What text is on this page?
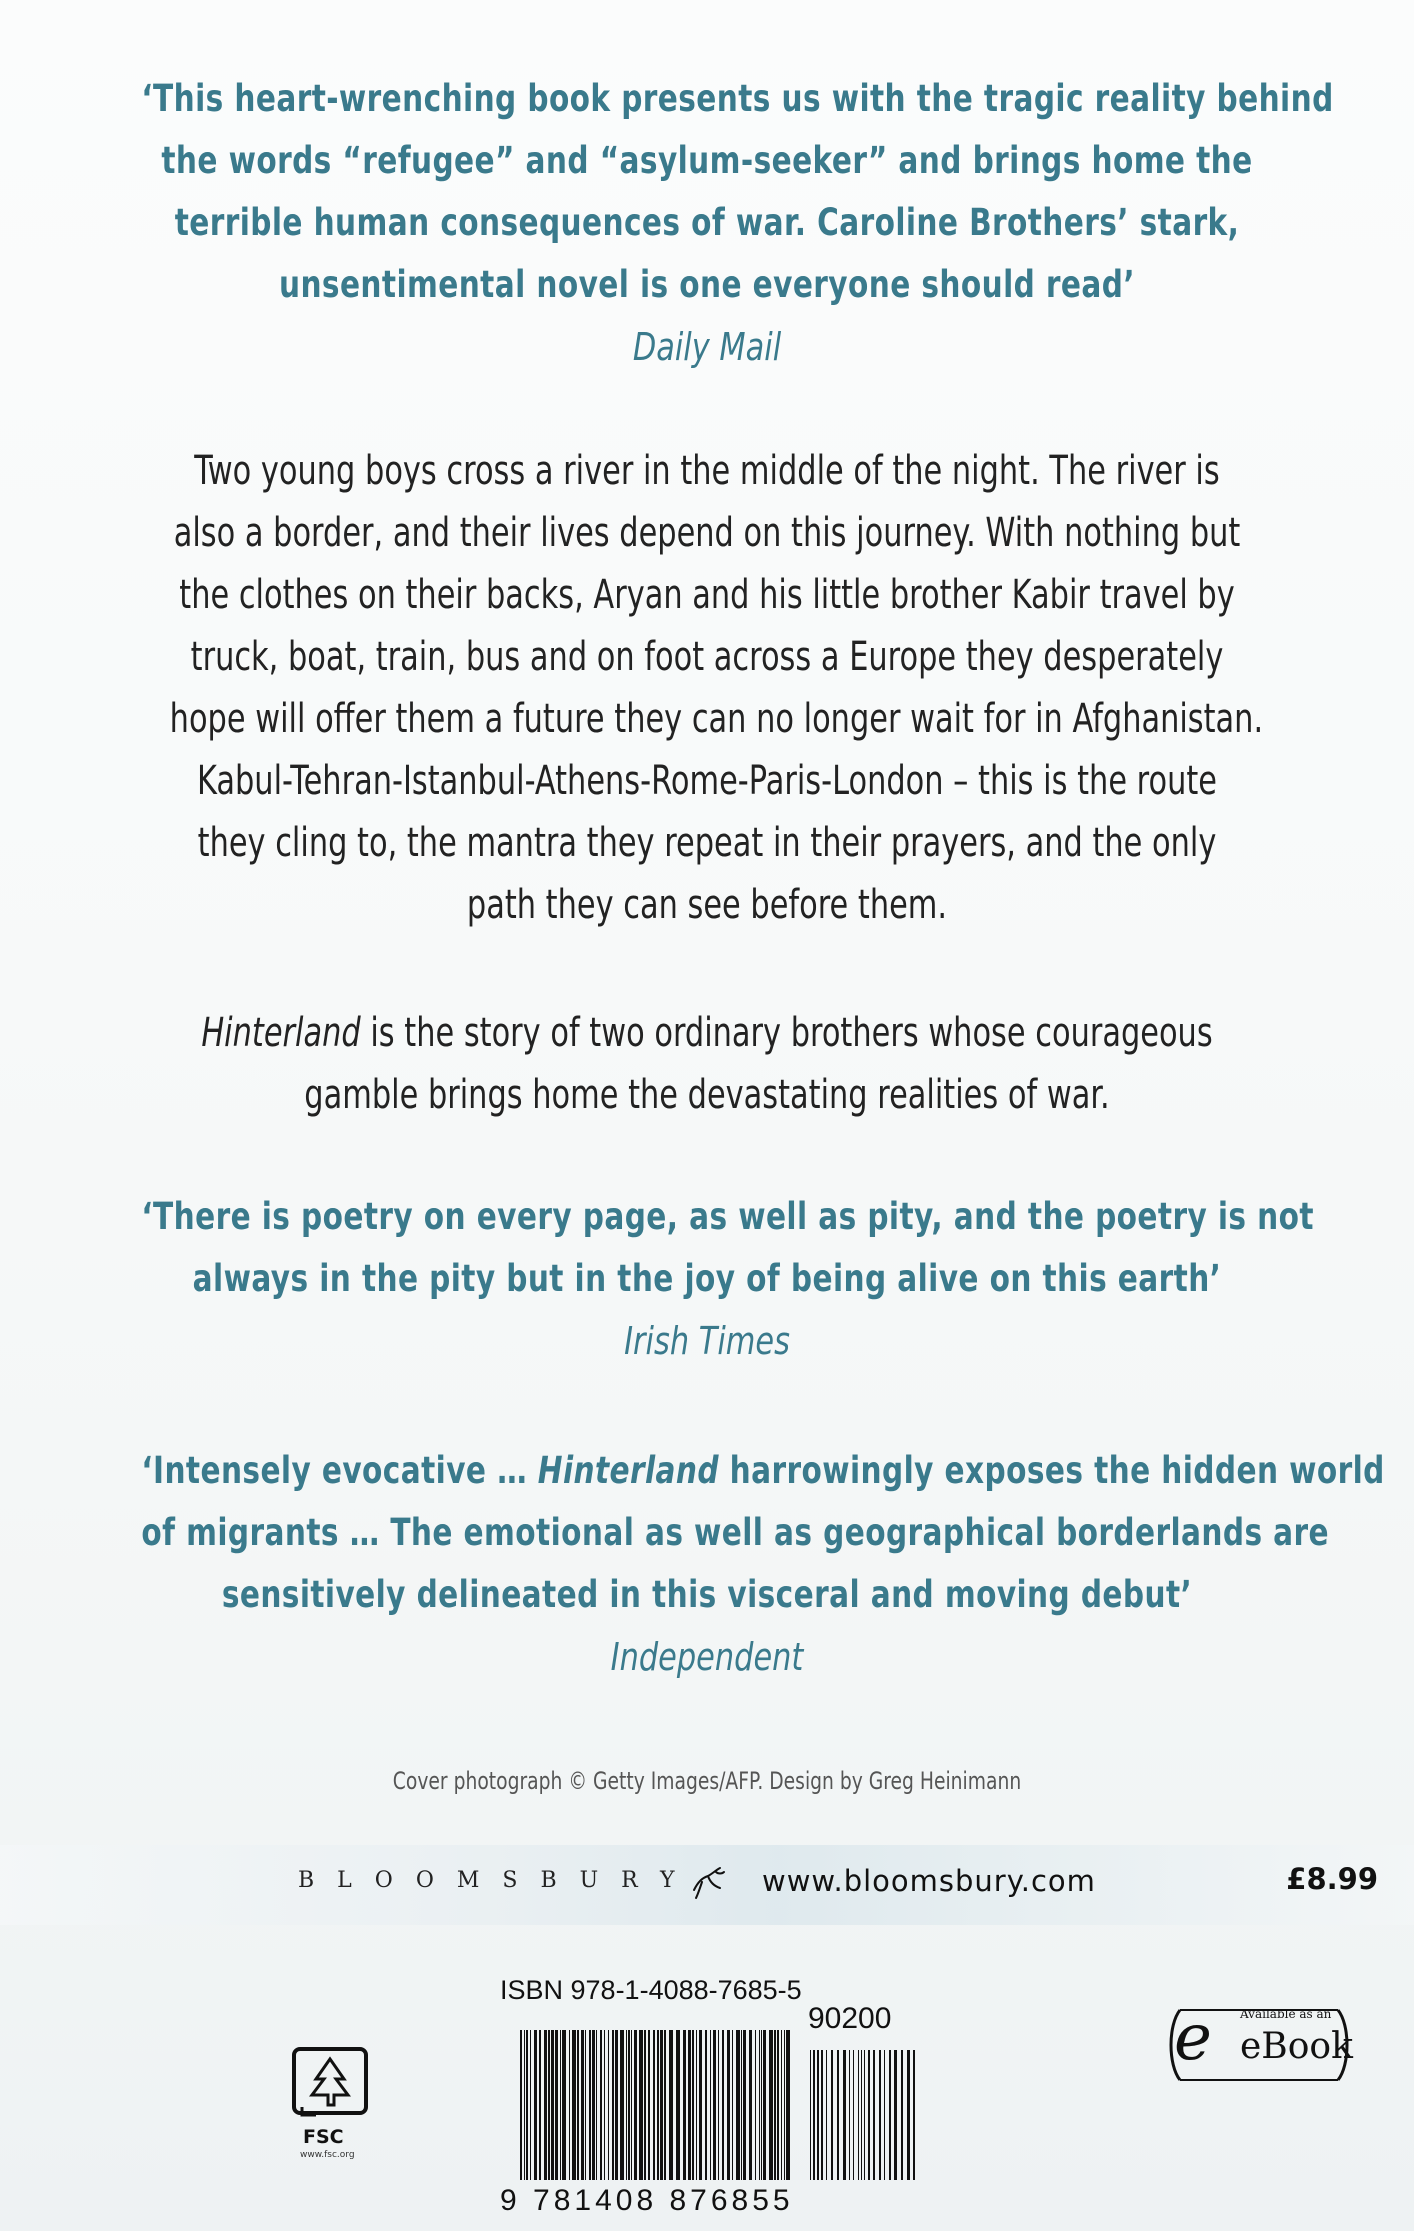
‘This heart-wrenching book presents us with the tragic reality behind
the words “refugee” and “asylum-seeker” and brings home the
terrible human consequences of war. Caroline Brothers’ stark,
unsentimental novel is one everyone should read’
Daily Mail
Two young boys cross a river in the middle of the night. The river is
also a border, and their lives depend on this journey. With nothing but
the clothes on their backs, Aryan and his little brother Kabir travel by
truck, boat, train, bus and on foot across a Europe they desperately
hope will offer them a future they can no longer wait for in Afghanistan.
Kabul-Tehran-Istanbul-Athens-Rome-Paris-London – this is the route
they cling to, the mantra they repeat in their prayers, and the only
path they can see before them.
Hinterland is the story of two ordinary brothers whose courageous
gamble brings home the devastating realities of war.
‘There is poetry on every page, as well as pity, and the poetry is not
always in the pity but in the joy of being alive on this earth’
Irish Times
‘Intensely evocative … Hinterland harrowingly exposes the hidden world
of migrants … The emotional as well as geographical borderlands are
sensitively delineated in this visceral and moving debut’
Independent
Cover photograph © Getty Images/AFP. Design by Greg Heinimann
BLOOMSBURY www.bloomsbury.com	£8.99
ISBN 978-1-4088-7685-5
90200
9 781408 876855
FSC
www.fsc.org
e Available as an
eBook
